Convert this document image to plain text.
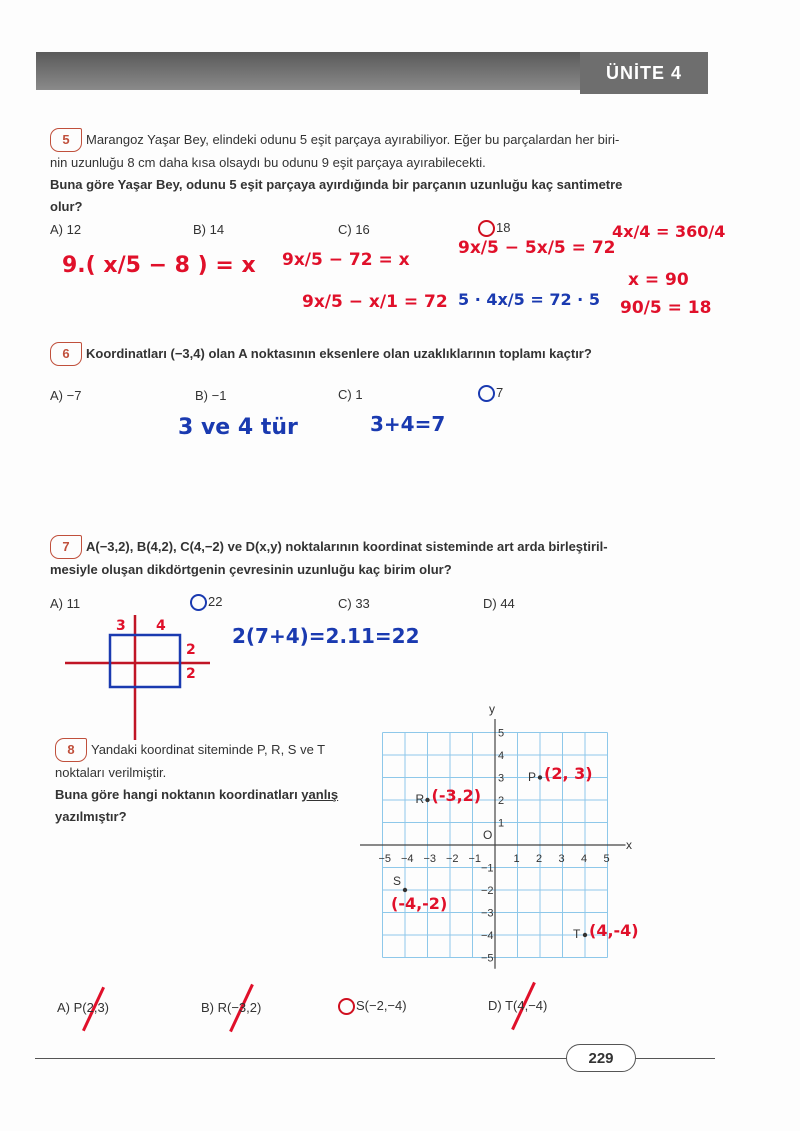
ÜNİTE 4
5 Marangoz Yaşar Bey, elindeki odunu 5 eşit parçaya ayırabiliyor. Eğer bu parçalardan her biri-
nin uzunluğu 8 cm daha kısa olsaydı bu odunu 9 eşit parçaya ayırabilecekti.
Buna göre Yaşar Bey, odunu 5 eşit parçaya ayırdığında bir parçanın uzunluğu kaç santimetre
olur?
A) 12	B) 14	C) 16	18
9.( x/5 − 8 ) = x 9x/5 − 72 = x
9x/5 − x/1 = 72
9x/5 − 5x/5 = 72
5 · 4x/5 = 72 · 5
4x/4 = 360/4
x = 90
90/5 = 18
6 Koordinatları (−3,4) olan A noktasının eksenlere olan uzaklıklarının toplamı kaçtır?
A) −7	B) −1	C) 1	7
3 ve 4 tür	3+4=7
7 A(−3,2), B(4,2), C(4,−2) ve D(x,y) noktalarının koordinat sisteminde art arda birleştiril-
mesiyle oluşan dikdörtgenin çevresinin uzunluğu kaç birim olur?
A) 11	22	C) 33	D) 44
3 4
2
2
2(7+4)=2.11=22
8 Yandaki koordinat siteminde P, R, S ve T
noktaları verilmiştir.
Buna göre hangi noktanın koordinatları yanlış
yazılmıştır?
−5
−5
−4
−4
−3
−3
−2
−2
−1
−1
1
1
2
2
3
3
4
4
5
5
y
x
O
P (2, 3)
R (-3,2)
S
(-4,-2)
T (4,-4)
A) P(2,3)	B) R(−3,2)	S(−2,−4)	D) T(4,−4)
229
